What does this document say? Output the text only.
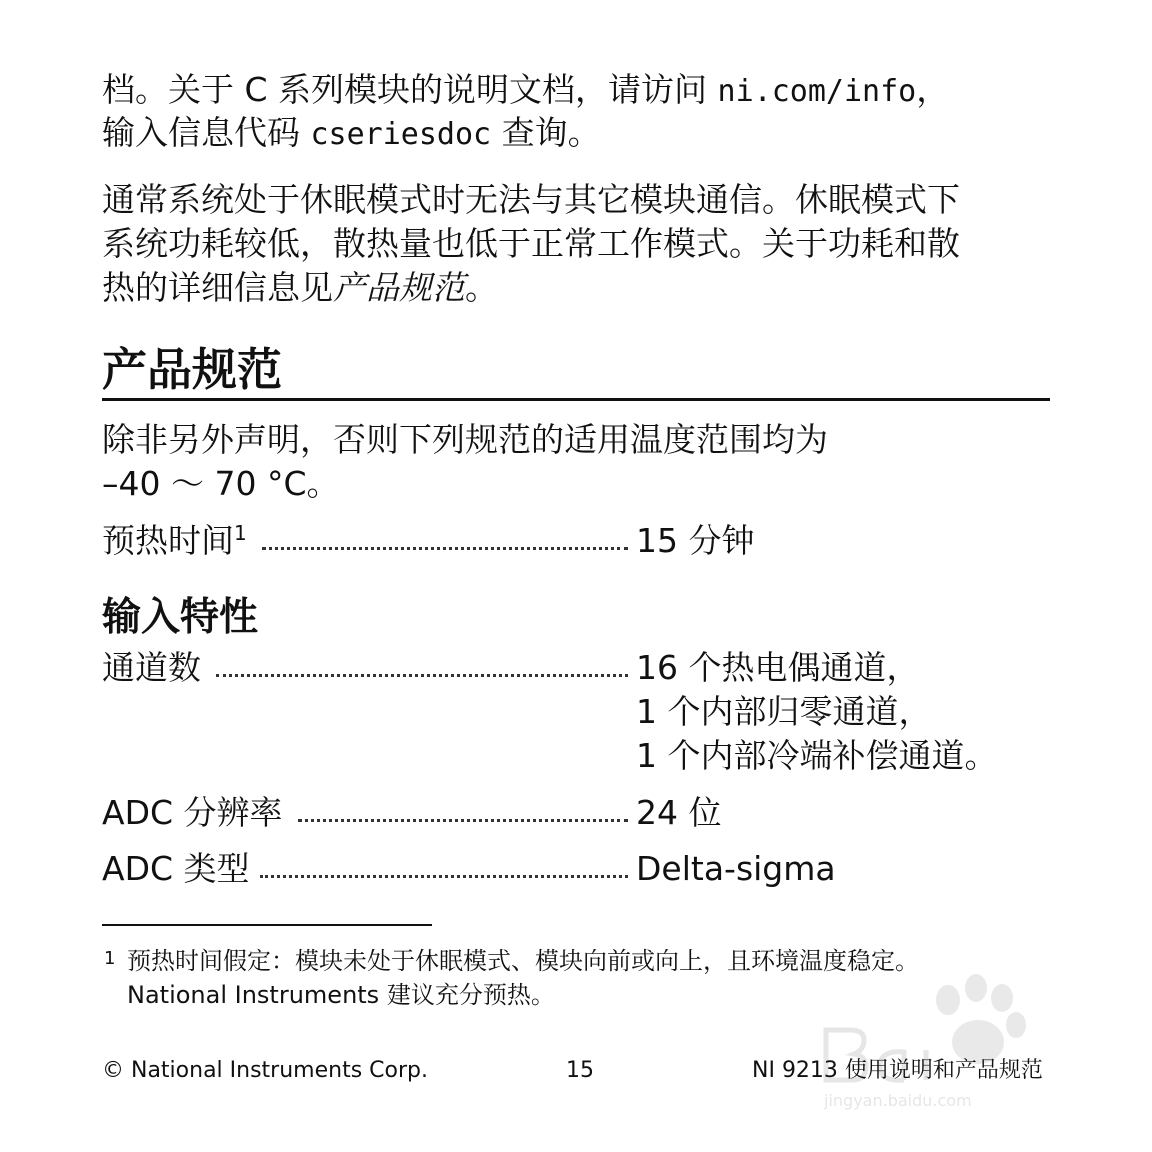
档。关于 C 系列模块的说明文档，请访问 ni.com/info，
输入信息代码 cseriesdoc 查询。
通常系统处于休眠模式时无法与其它模块通信。休眠模式下
系统功耗较低，散热量也低于正常工作模式。关于功耗和散
热的详细信息见产品规范。
产品规范
除非另外声明，否则下列规范的适用温度范围均为
–40 ～ 70 °C。
预热时间$^1$	15 分钟
输入特性
通道数	16 个热电偶通道，
1 个内部归零通道，
1 个内部冷端补偿通道。
ADC 分辨率	24 位
ADC 类型	Delta-sigma
1 预热时间假定：模块未处于休眠模式、模块向前或向上，且环境温度稳定。
National Instruments 建议充分预热。
jingyan.baidu.com
© National Instruments Corp.	15	NI 9213 使用说明和产品规范
